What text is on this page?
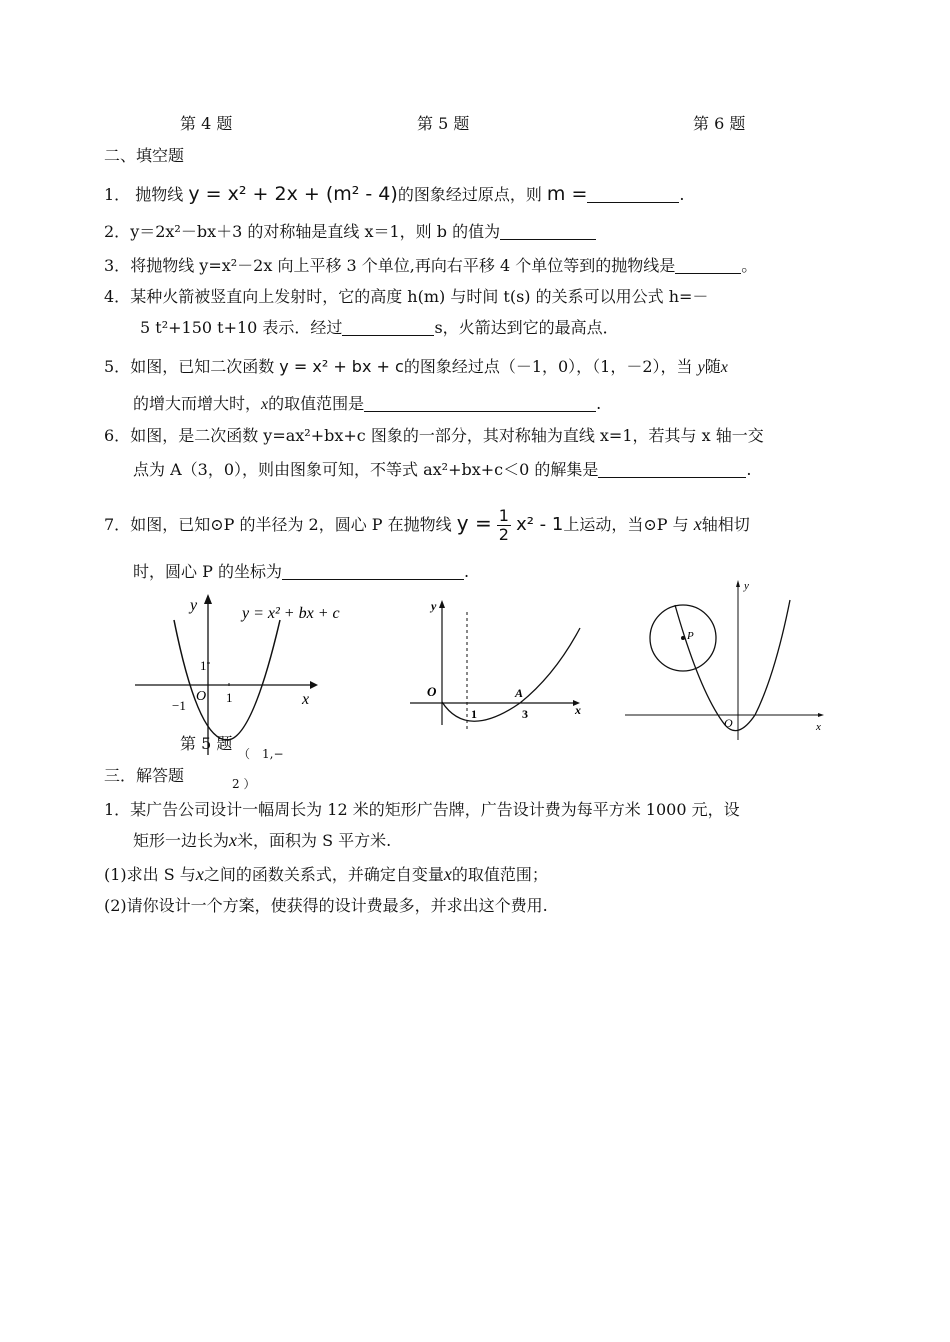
第 4 题	第 5 题	第 6 题
二、填空题
1． 抛物线 y = x² + 2x + (m² - 4)的图象经过原点，则 m =	.
2．y＝2x²－bx＋3 的对称轴是直线 x＝1，则 b 的值为
3．将抛物线 y=x²－2x 向上平移 3 个单位,再向右平移 4 个单位等到的抛物线是	。
4．某种火箭被竖直向上发射时，它的高度 h(m) 与时间 t(s) 的关系可以用公式 h=－
5 t²+150 t+10 表示．经过	s，火箭达到它的最高点．
5．如图，已知二次函数 y = x² + bx + c的图象经过点（－1，0），（1，－2），当 y随x
的增大而增大时，x的取值范围是	.
6．如图，是二次函数 y=ax²+bx+c 图象的一部分，其对称轴为直线 x=1，若其与 x 轴一交
点为 A（3，0），则由图象可知，不等式 ax²+bx+c＜0 的解集是	.
7．如图，已知⊙P 的半径为 2，圆心 P 在抛物线 $y = \frac{1}{2} x^2 - 1$上运动，当⊙P 与 x轴相切
时，圆心 P 的坐标为	.
y
x
O
1
1
−1
y = x² + bx + c
第 5 题
（　1,−
2 ）
y
x
O
1	3
A
y
x
O
P
三．解答题
1．某广告公司设计一幅周长为 12 米的矩形广告牌，广告设计费为每平方米 1000 元，设
矩形一边长为x米，面积为 S 平方米.
(1)求出 S 与x之间的函数关系式，并确定自变量x的取值范围；
(2)请你设计一个方案，使获得的设计费最多，并求出这个费用.
